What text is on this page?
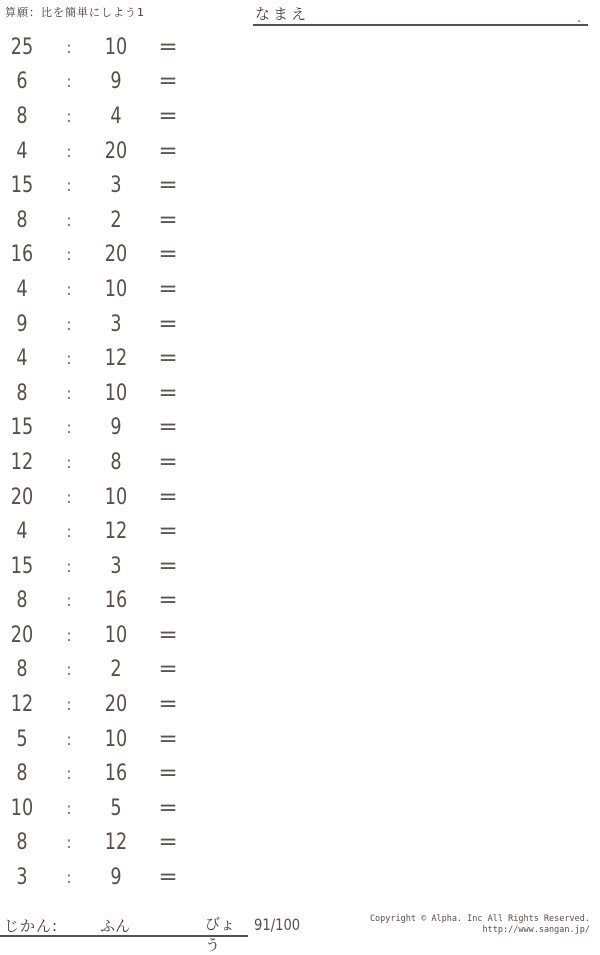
算願：比を簡単にしよう1	なまえ	.
25	:	10	=
6	:	9	=
8	:	4	=
4	:	20	=
15	:	3	=
8	:	2	=
16	:	20	=
4	:	10	=
9	:	3	=
4	:	12	=
8	:	10	=
15	:	9	=
12	:	8	=
20	:	10	=
4	:	12	=
15	:	3	=
8	:	16	=
20	:	10	=
8	:	2	=
12	:	20	=
5	:	10	=
8	:	16	=
10	:	5	=
8	:	12	=
3	:	9	=
じかん:	ふん	びょう
91/100	Copyright © Alpha. Inc All Rights Reserved.
http://www.sangan.jp/
